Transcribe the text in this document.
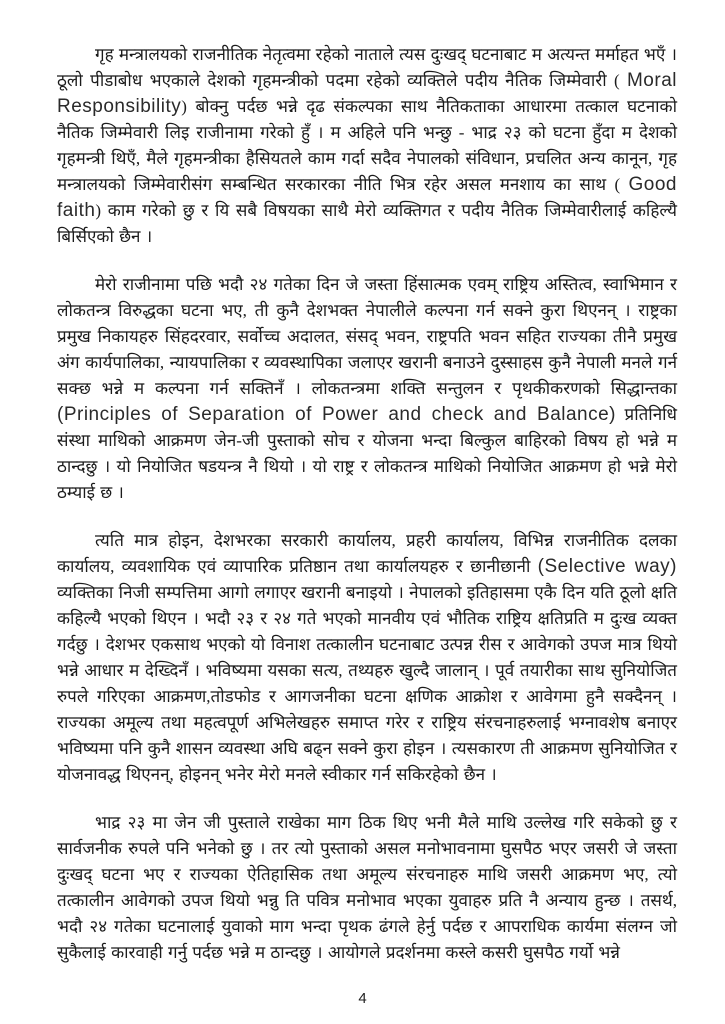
गृह मन्त्रालयको राजनीतिक नेतृत्वमा रहेको नाताले त्यस दुःखद् घटनाबाट म अत्यन्त मर्माहत भएँ । ठूलो पीडाबोध भएकाले देशको गृहमन्त्रीको पदमा रहेको व्यक्तिले पदीय नैतिक जिम्मेवारी ( Moral Responsibility) बोक्नु पर्दछ भन्ने दृढ संकल्पका साथ नैतिकताका आधारमा तत्काल घटनाको नैतिक जिम्मेवारी लिइ राजीनामा गरेको हुँ । म अहिले पनि भन्छु - भाद्र २३ को घटना हुँदा म देशको गृहमन्त्री थिएँ, मैले गृहमन्त्रीका हैसियतले काम गर्दा सदैव नेपालको संविधान, प्रचलित अन्य कानून, गृह मन्त्रालयको जिम्मेवारीसंग सम्बन्धित सरकारका नीति भित्र रहेर असल मनशाय का साथ ( Good faith) काम गरेको छु र यि सबै विषयका साथै मेरो व्यक्तिगत र पदीय नैतिक जिम्मेवारीलाई कहिल्यै बिर्सिएको छैन ।

मेरो राजीनामा पछि भदौ २४ गतेका दिन जे जस्ता हिंसात्मक एवम् राष्ट्रिय अस्तित्व, स्वाभिमान र लोकतन्त्र विरुद्धका घटना भए, ती कुनै देशभक्त नेपालीले कल्पना गर्न सक्ने कुरा थिएनन् । राष्ट्रका प्रमुख निकायहरु सिंहदरवार, सर्वोच्च अदालत, संसद् भवन, राष्ट्रपति भवन सहित राज्यका तीनै प्रमुख अंग कार्यपालिका, न्यायपालिका र व्यवस्थापिका जलाएर खरानी बनाउने दुस्साहस कुनै नेपाली मनले गर्न सक्छ भन्ने म कल्पना गर्न सक्तिनँ । लोकतन्त्रमा शक्ति सन्तुलन र पृथकीकरणको सिद्धान्तका (Principles of Separation of Power and check and Balance) प्रतिनिधि संस्था माथिको आक्रमण जेन-जी पुस्ताको सोच र योजना भन्दा बिल्कुल बाहिरको विषय हो भन्ने म ठान्दछु । यो नियोजित षडयन्त्र नै थियो । यो राष्ट्र र लोकतन्त्र माथिको नियोजित आक्रमण हो भन्ने मेरो ठम्याई छ ।

त्यति मात्र होइन, देशभरका सरकारी कार्यालय, प्रहरी कार्यालय, विभिन्न राजनीतिक दलका कार्यालय, व्यवशायिक एवं व्यापारिक प्रतिष्ठान तथा कार्यालयहरु र छानीछानी (Selective way) व्यक्तिका निजी सम्पत्तिमा आगो लगाएर खरानी बनाइयो । नेपालको इतिहासमा एकै दिन यति ठूलो क्षति कहिल्यै भएको थिएन । भदौ २३ र २४ गते भएको मानवीय एवं भौतिक राष्ट्रिय क्षतिप्रति म दुःख व्यक्त गर्दछु । देशभर एकसाथ भएको यो विनाश तत्कालीन घटनाबाट उत्पन्न रीस र आवेगको उपज मात्र थियो भन्ने आधार म देख्दिनँ । भविष्यमा यसका सत्य, तथ्यहरु खुल्दै जालान् । पूर्व तयारीका साथ सुनियोजित रुपले गरिएका आक्रमण,तोडफोड र आगजनीका घटना क्षणिक आक्रोश र आवेगमा हुनै सक्दैनन् । राज्यका अमूल्य तथा महत्वपूर्ण अभिलेखहरु समाप्त गरेर र राष्ट्रिय संरचनाहरुलाई भग्नावशेष बनाएर भविष्यमा पनि कुनै शासन व्यवस्था अघि बढ्न सक्ने कुरा होइन । त्यसकारण ती आक्रमण सुनियोजित र योजनावद्ध थिएनन्, होइनन् भनेर मेरो मनले स्वीकार गर्न सकिरहेको छैन ।

भाद्र २३ मा जेन जी पुस्ताले राखेका माग ठिक थिए भनी मैले माथि उल्लेख गरि सकेको छु र सार्वजनीक रुपले पनि भनेको छु । तर त्यो पुस्ताको असल मनोभावनामा घुसपैठ भएर जसरी जे जस्ता दुःखद् घटना भए र राज्यका ऐतिहासिक तथा अमूल्य संरचनाहरु माथि जसरी आक्रमण भए, त्यो तत्कालीन आवेगको उपज थियो भन्नु ति पवित्र मनोभाव भएका युवाहरु प्रति नै अन्याय हुन्छ । तसर्थ, भदौ २४ गतेका घटनालाई युवाको माग भन्दा पृथक ढंगले हेर्नु पर्दछ र आपराधिक कार्यमा संलग्न जो सुकैलाई कारवाही गर्नु पर्दछ भन्ने म ठान्दछु । आयोगले प्रदर्शनमा कस्ले कसरी घुसपैठ गर्यो भन्ने

4
